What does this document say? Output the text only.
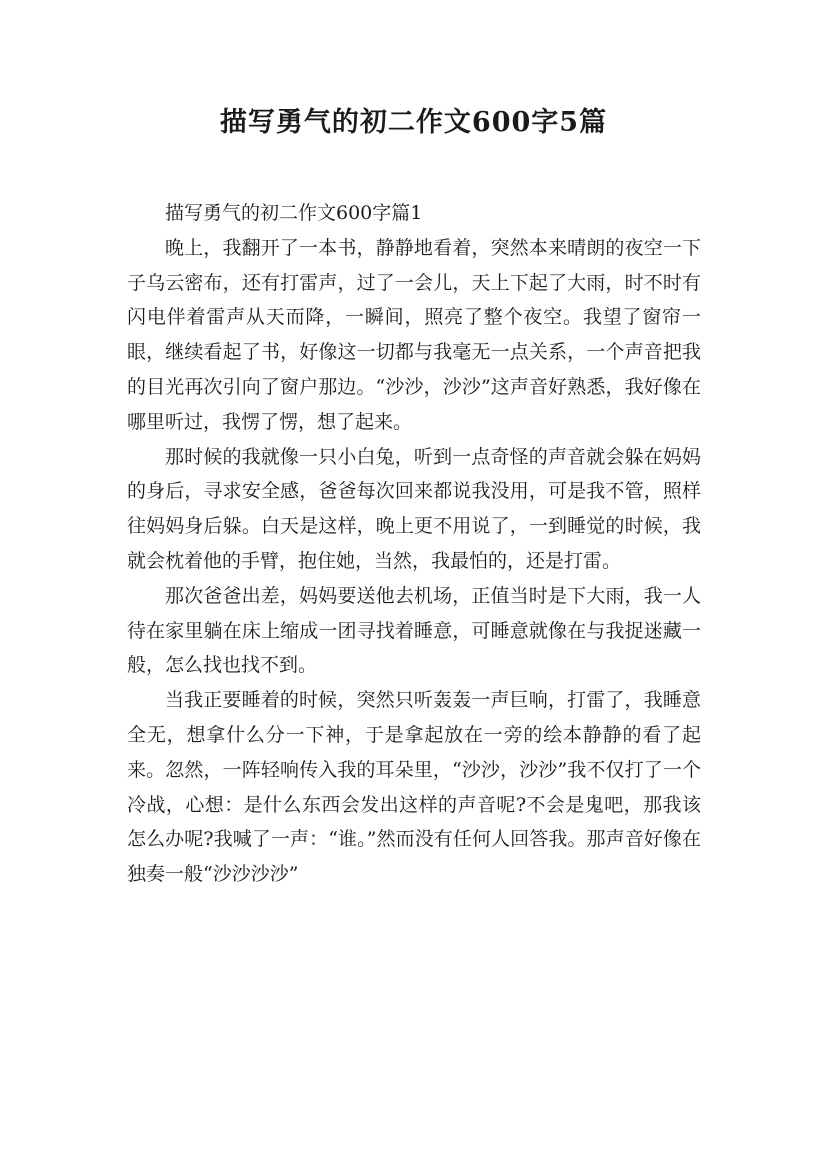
描写勇气的初二作文600字5篇

描写勇气的初二作文600字篇1

晚上，我翻开了一本书，静静地看着，突然本来晴朗的夜空一下子乌云密布，还有打雷声，过了一会儿，天上下起了大雨，时不时有闪电伴着雷声从天而降，一瞬间，照亮了整个夜空。我望了窗帘一眼，继续看起了书，好像这一切都与我毫无一点关系，一个声音把我的目光再次引向了窗户那边。“沙沙，沙沙”这声音好熟悉，我好像在哪里听过，我愣了愣，想了起来。

那时候的我就像一只小白兔，听到一点奇怪的声音就会躲在妈妈的身后，寻求安全感，爸爸每次回来都说我没用，可是我不管，照样往妈妈身后躲。白天是这样，晚上更不用说了，一到睡觉的时候，我就会枕着他的手臂，抱住她，当然，我最怕的，还是打雷。

那次爸爸出差，妈妈要送他去机场，正值当时是下大雨，我一人待在家里躺在床上缩成一团寻找着睡意，可睡意就像在与我捉迷藏一般，怎么找也找不到。

当我正要睡着的时候，突然只听轰轰一声巨响，打雷了，我睡意全无，想拿什么分一下神，于是拿起放在一旁的绘本静静的看了起来。忽然，一阵轻响传入我的耳朵里，“沙沙，沙沙”我不仅打了一个冷战，心想：是什么东西会发出这样的声音呢?不会是鬼吧，那我该怎么办呢?我喊了一声：“谁。”然而没有任何人回答我。那声音好像在独奏一般“沙沙沙沙”
